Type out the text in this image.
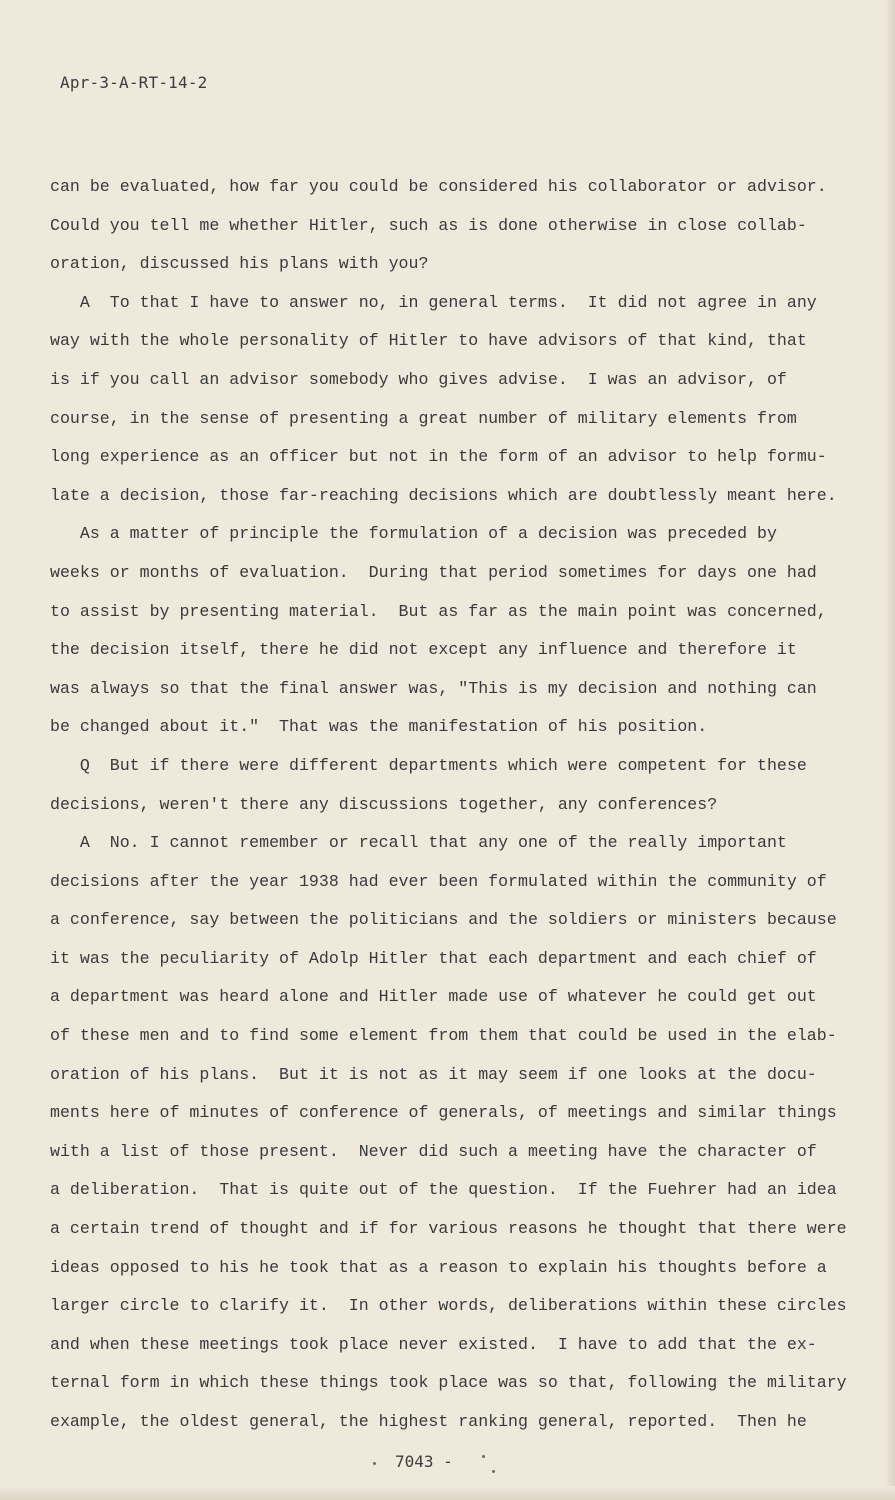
Apr-3-A-RT-14-2
can be evaluated, how far you could be considered his collaborator or advisor.
Could you tell me whether Hitler, such as is done otherwise in close collab-
oration, discussed his plans with you?
A  To that I have to answer no, in general terms.  It did not agree in any
way with the whole personality of Hitler to have advisors of that kind, that
is if you call an advisor somebody who gives advise.  I was an advisor, of
course, in the sense of presenting a great number of military elements from
long experience as an officer but not in the form of an advisor to help formu-
late a decision, those far-reaching decisions which are doubtlessly meant here.
As a matter of principle the formulation of a decision was preceded by
weeks or months of evaluation.  During that period sometimes for days one had
to assist by presenting material.  But as far as the main point was concerned,
the decision itself, there he did not except any influence and therefore it
was always so that the final answer was, "This is my decision and nothing can
be changed about it."  That was the manifestation of his position.
Q  But if there were different departments which were competent for these
decisions, weren't there any discussions together, any conferences?
A  No. I cannot remember or recall that any one of the really important
decisions after the year 1938 had ever been formulated within the community of
a conference, say between the politicians and the soldiers or ministers because
it was the peculiarity of Adolp Hitler that each department and each chief of
a department was heard alone and Hitler made use of whatever he could get out
of these men and to find some element from them that could be used in the elab-
oration of his plans.  But it is not as it may seem if one looks at the docu-
ments here of minutes of conference of generals, of meetings and similar things
with a list of those present.  Never did such a meeting have the character of
a deliberation.  That is quite out of the question.  If the Fuehrer had an idea
a certain trend of thought and if for various reasons he thought that there were
ideas opposed to his he took that as a reason to explain his thoughts before a
larger circle to clarify it.  In other words, deliberations within these circles
and when these meetings took place never existed.  I have to add that the ex-
ternal form in which these things took place was so that, following the military
example, the oldest general, the highest ranking general, reported.  Then he
7043 -
